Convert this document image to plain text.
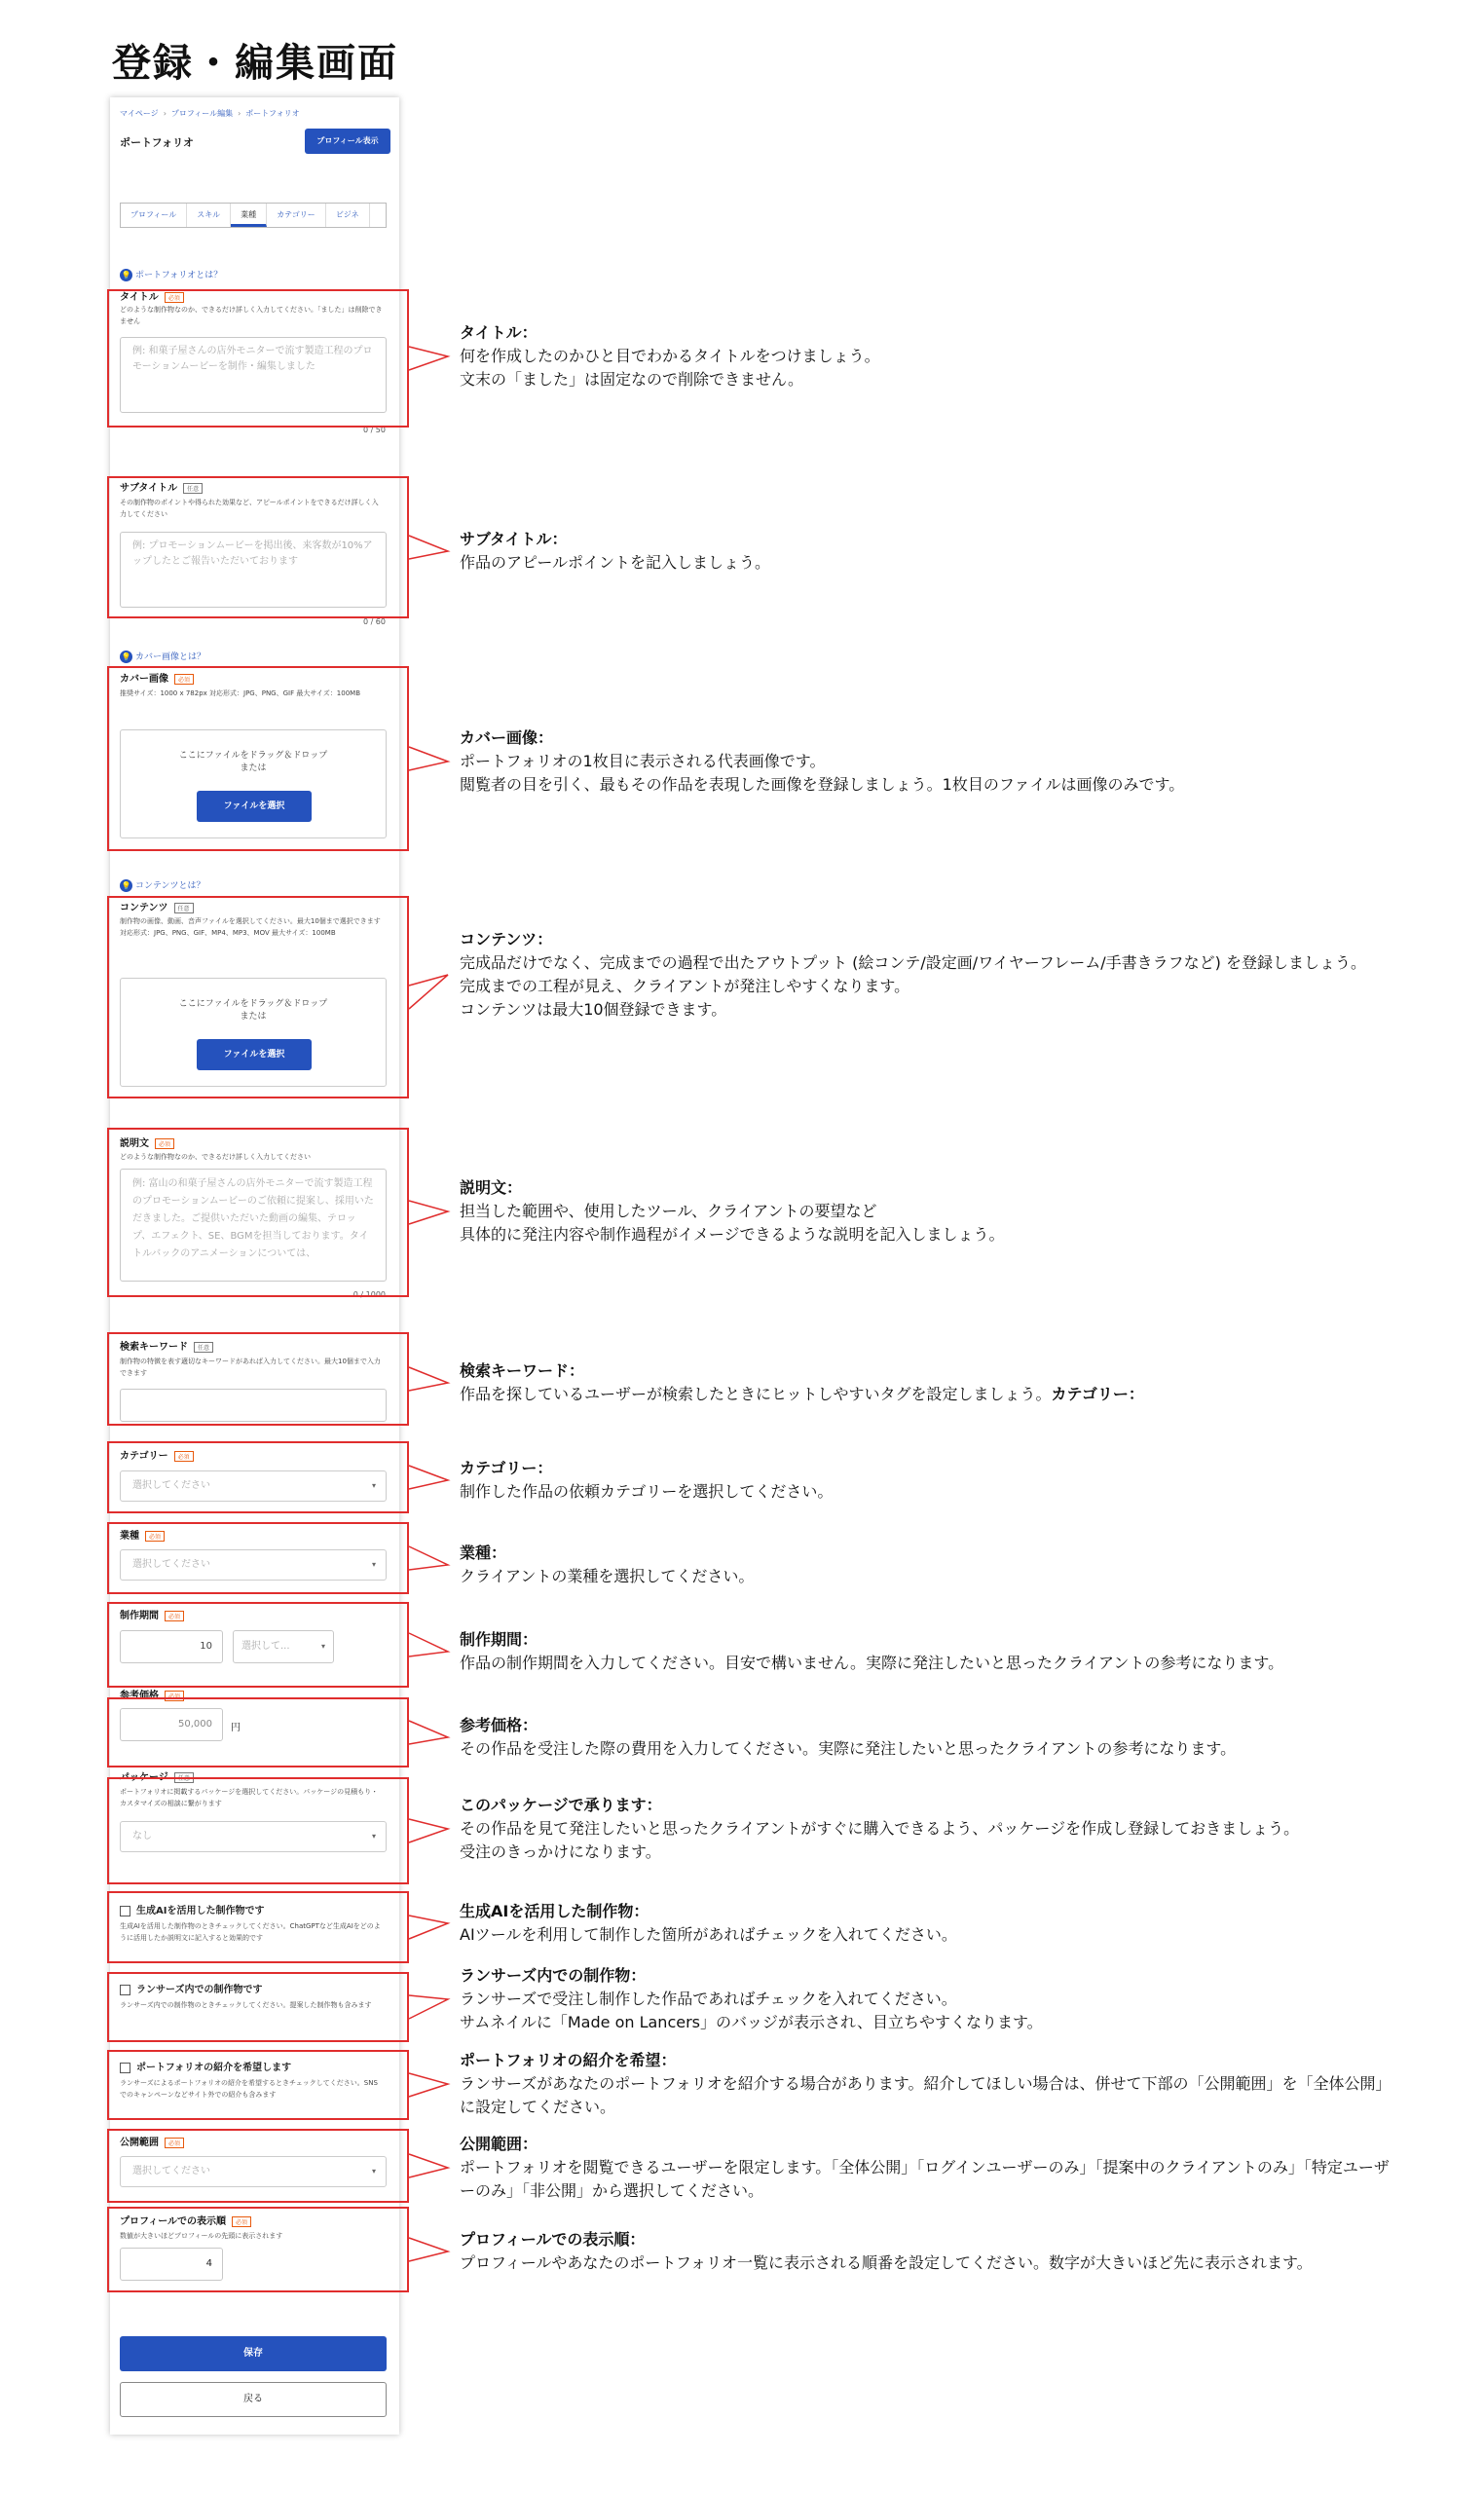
登録・編集画面
マイページ › プロフィール編集 › ポートフォリオ
ポートフォリオ	プロフィール表示
プロフィール	スキル	業種	カテゴリー	ビジネ
💡 ポートフォリオとは？
タイトル 必須
どのような制作物なのか、できるだけ詳しく入力してください。「ました」は削除できません
例: 和菓子屋さんの店外モニターで流す製造工程のプロモーションムービーを制作・編集しました
0 / 50
サブタイトル 任意
その制作物のポイントや得られた効果など、アピールポイントをできるだけ詳しく入力してください
例: プロモーションムービーを掲出後、来客数が10%アップしたとご報告いただいております
0 / 60
💡 カバー画像とは？
カバー画像 必須
推奨サイズ：1000 x 782px 対応形式：JPG、PNG、GIF 最大サイズ：100MB
ここにファイルをドラッグ＆ドロップ
または
ファイルを選択
💡 コンテンツとは？
コンテンツ 任意
制作物の画像、動画、音声ファイルを選択してください。最大10個まで選択できます 対応形式：JPG、PNG、GIF、MP4、MP3、MOV 最大サイズ：100MB
ここにファイルをドラッグ＆ドロップ
または
ファイルを選択
説明文 必須
どのような制作物なのか、できるだけ詳しく入力してください
例: 富山の和菓子屋さんの店外モニターで流す製造工程のプロモーションムービーのご依頼に提案し、採用いただきました。ご提供いただいた動画の編集、テロップ、エフェクト、SE、BGMを担当しております。タイトルバックのアニメーションについては、
0 / 1000
検索キーワード 任意
制作物の特徴を表す適切なキーワードがあれば入力してください。最大10個まで入力できます
カテゴリー 必須
選択してください	▾
業種 必須
選択してください	▾
制作期間 必須
10	選択して...	▾
参考価格 必須
50,000	円
パッケージ 任意
ポートフォリオに掲載するパッケージを選択してください。パッケージの見積もり・カスタマイズの相談に繋がります
なし	▾
生成AIを活用した制作物です
生成AIを活用した制作物のときチェックしてください。ChatGPTなど生成AIをどのように活用したか説明文に記入すると効果的です
ランサーズ内での制作物です
ランサーズ内での制作物のときチェックしてください。提案した制作物も含みます
ポートフォリオの紹介を希望します
ランサーズによるポートフォリオの紹介を希望するときチェックしてください。SNSでのキャンペーンなどサイト外での紹介も含みます
公開範囲 必須
選択してください	▾
プロフィールでの表示順 必須
数値が大きいほどプロフィールの先頭に表示されます
4
保存
戻る
タイトル：
何を作成したのかひと目でわかるタイトルをつけましょう。
文末の「ました」は固定なので削除できません。
サブタイトル：
作品のアピールポイントを記入しましょう。
カバー画像：
ポートフォリオの1枚目に表示される代表画像です。
閲覧者の目を引く、最もその作品を表現した画像を登録しましょう。1枚目のファイルは画像のみです。
コンテンツ：
完成品だけでなく、完成までの過程で出たアウトプット (絵コンテ/設定画/ワイヤーフレーム/手書きラフなど) を登録しましょう。
完成までの工程が見え、クライアントが発注しやすくなります。
コンテンツは最大10個登録できます。
説明文：
担当した範囲や、使用したツール、クライアントの要望など
具体的に発注内容や制作過程がイメージできるような説明を記入しましょう。
検索キーワード：
作品を探しているユーザーが検索したときにヒットしやすいタグを設定しましょう。カテゴリー：
カテゴリー：
制作した作品の依頼カテゴリーを選択してください。
業種：
クライアントの業種を選択してください。
制作期間：
作品の制作期間を入力してください。目安で構いません。実際に発注したいと思ったクライアントの参考になります。
参考価格：
その作品を受注した際の費用を入力してください。実際に発注したいと思ったクライアントの参考になります。
このパッケージで承ります：
その作品を見て発注したいと思ったクライアントがすぐに購入できるよう、パッケージを作成し登録しておきましょう。
受注のきっかけになります。
生成AIを活用した制作物：
AIツールを利用して制作した箇所があればチェックを入れてください。
ランサーズ内での制作物：
ランサーズで受注し制作した作品であればチェックを入れてください。
サムネイルに「Made on Lancers」のバッジが表示され、目立ちやすくなります。
ポートフォリオの紹介を希望：
ランサーズがあなたのポートフォリオを紹介する場合があります。紹介してほしい場合は、併せて下部の「公開範囲」を「全体公開」に設定してください。
公開範囲：
ポートフォリオを閲覧できるユーザーを限定します。「全体公開」「ログインユーザーのみ」「提案中のクライアントのみ」「特定ユーザーのみ」「非公開」から選択してください。
プロフィールでの表示順：
プロフィールやあなたのポートフォリオ一覧に表示される順番を設定してください。数字が大きいほど先に表示されます。
